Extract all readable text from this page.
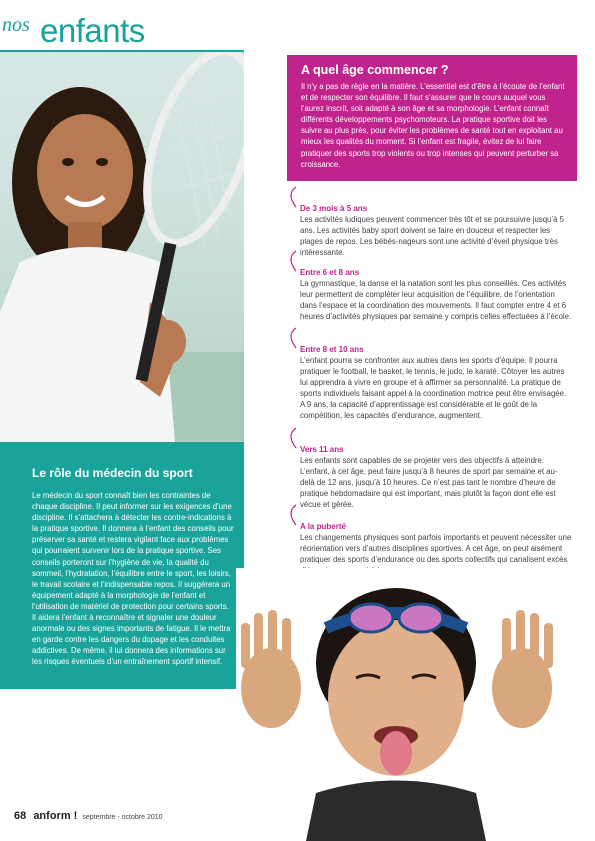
nos enfants
Le rôle du médecin du sport

Le médecin du sport connaît bien les contraintes de chaque discipline. Il peut informer sur les exigences d’une discipline. Il s’attachera à détecter les contre-indications à la pratique sportive. Il donnera à l’enfant des conseils pour préserver sa santé et restera vigilant face aux problèmes qui pourraient survenir lors de la pratique sportive. Ses conseils porteront sur l’hygiène de vie, la qualité du sommeil, l’hydratation, l’équilibre entre le sport, les loisirs, le travail scolaire et l’indispensable repos. Il suggérera un équipement adapté à la morphologie de l’enfant et l’utilisation de matériel de protection pour certains sports. Il aidera l’enfant à reconnaître et signaler une douleur anormale ou des signes importants de fatigue. Il le mettra en garde contre les dangers du dopage et les conduites addictives. De même, il lui donnera des informations sur les risques éventuels d’un entraînement sportif intensif.

A quel âge commencer ?

Il n’y a pas de règle en la matière. L’essentiel est d’être à l’écoute de l’enfant et de respecter son équilibre. Il faut s’assurer que le cours auquel vous l’aurez inscrit, soit adapté à son âge et sa morphologie. L’enfant connaît différents développements psychomoteurs. La pratique sportive doit les suivre au plus près, pour éviter les problèmes de santé tout en exploitant au mieux les qualités du moment. Si l’enfant est fragile, évitez de lui faire pratiquer des sports trop violents ou trop intenses qui peuvent perturber sa croissance.

De 3 mois à 5 ans

Les activités ludiques peuvent commencer très tôt et se poursuivre jusqu’à 5 ans. Les activités baby sport doivent se faire en douceur et respecter les plages de repos. Les bébés-nageurs sont une activité d’éveil physique très intéressante.

Entre 6 et 8 ans

La gymnastique, la danse et la natation sont les plus conseillés. Ces activités leur permettent de compléter leur acquisition de l’équilibre, de l’orientation dans l’espace et la coordination des mouvements. Il faut compter entre 4 et 6 heures d’activités physiques par semaine y compris celles effectuées à l’école.

Entre 8 et 10 ans

L’enfant pourra se confronter aux autres dans les sports d’équipe. Il pourra pratiquer le football, le basket, le tennis, le judo, le karaté. Côtoyer les autres lui apprendra à vivre en groupe et à affirmer sa personnalité. La pratique de sports individuels faisant appel à la coordination motrice peut être envisagée. A 9 ans, la capacité d’apprentissage est considérable et le goût de la compétition, les capacités d’endurance, augmentent.

Vers 11 ans

Les enfants sont capables de se projeter vers des objectifs à atteindre. L’enfant, à cet âge, peut faire jusqu’à 8 heures de sport par semaine et au-delà de 12 ans, jusqu’à 10 heures. Ce n’est pas tant le nombre d’heure de pratique hebdomadaire qui est important, mais plutôt la façon dont elle est vécue et gérée.

A la puberté

Les changements physiques sont parfois importants et peuvent nécessiter une réorientation vers d’autres disciplines sportives. A cet âge, on peut aisément pratiquer des sports d’endurance ou des sports collectifs qui canalisent excès

68 anform ! septembre - octobre 2010
